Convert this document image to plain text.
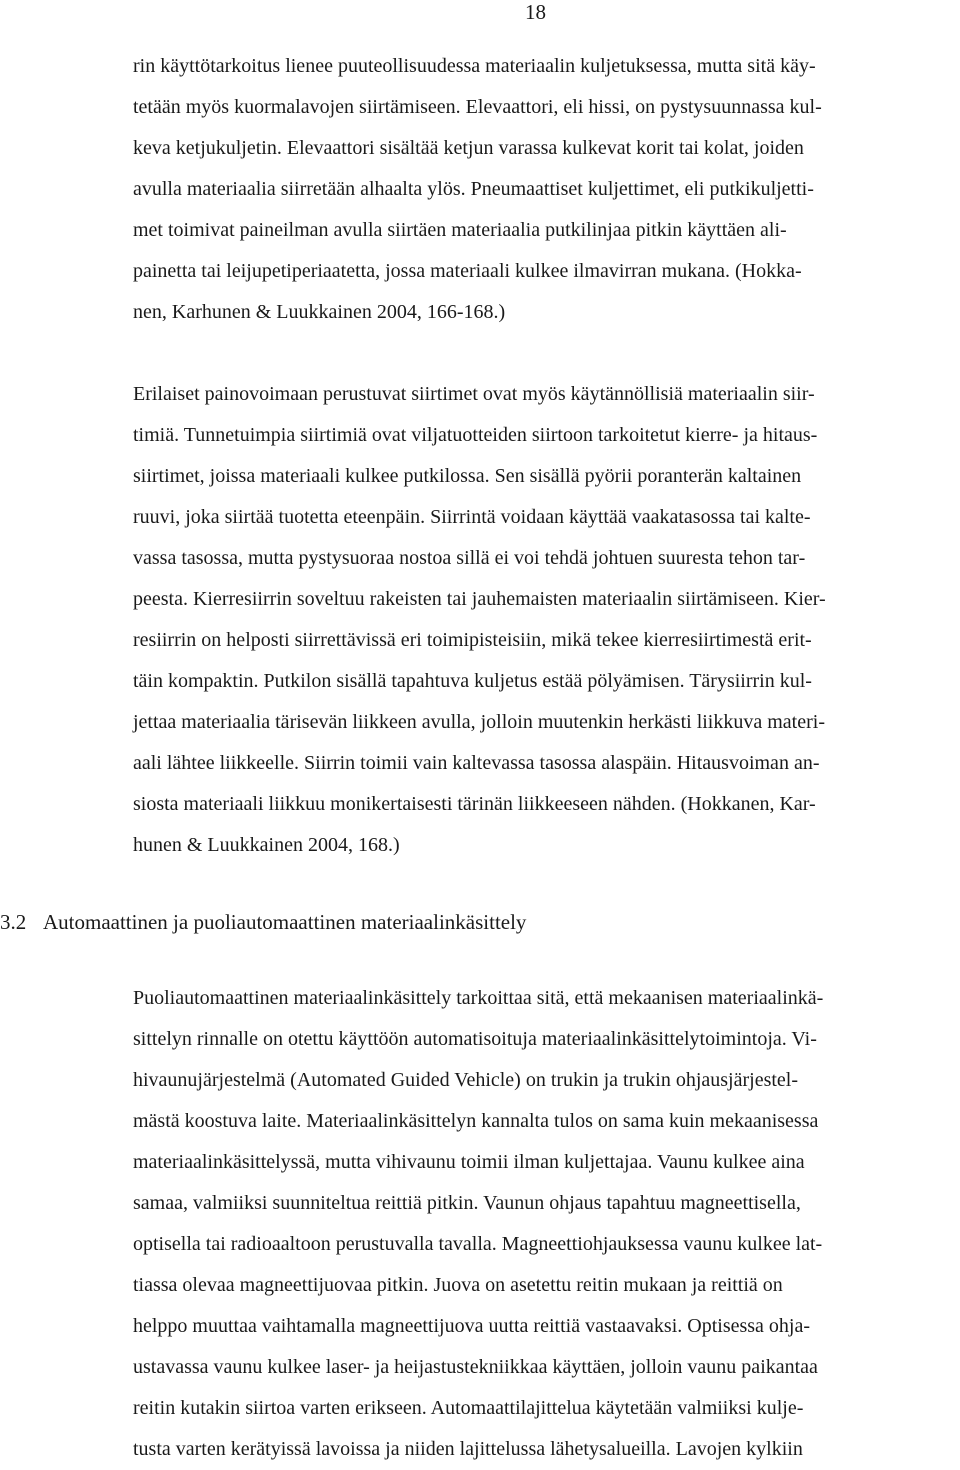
18
rin käyttötarkoitus lienee puuteollisuudessa materiaalin kuljetuksessa, mutta sitä käy-
tetään myös kuormalavojen siirtämiseen. Elevaattori, eli hissi, on pystysuunnassa kul-
keva ketjukuljetin. Elevaattori sisältää ketjun varassa kulkevat korit tai kolat, joiden
avulla materiaalia siirretään alhaalta ylös. Pneumaattiset kuljettimet, eli putkikuljetti-
met toimivat paineilman avulla siirtäen materiaalia putkilinjaa pitkin käyttäen ali-
painetta tai leijupetiperiaatetta, jossa materiaali kulkee ilmavirran mukana. (Hokka-
nen, Karhunen & Luukkainen 2004, 166-168.)
Erilaiset painovoimaan perustuvat siirtimet ovat myös käytännöllisiä materiaalin siir-
timiä. Tunnetuimpia siirtimiä ovat viljatuotteiden siirtoon tarkoitetut kierre- ja hitaus-
siirtimet, joissa materiaali kulkee putkilossa. Sen sisällä pyörii poranterän kaltainen
ruuvi, joka siirtää tuotetta eteenpäin. Siirrintä voidaan käyttää vaakatasossa tai kalte-
vassa tasossa, mutta pystysuoraa nostoa sillä ei voi tehdä johtuen suuresta tehon tar-
peesta. Kierresiirrin soveltuu rakeisten tai jauhemaisten materiaalin siirtämiseen. Kier-
resiirrin on helposti siirrettävissä eri toimipisteisiin, mikä tekee kierresiirtimestä erit-
täin kompaktin. Putkilon sisällä tapahtuva kuljetus estää pölyämisen. Tärysiirrin kul-
jettaa materiaalia tärisevän liikkeen avulla, jolloin muutenkin herkästi liikkuva materi-
aali lähtee liikkeelle. Siirrin toimii vain kaltevassa tasossa alaspäin. Hitausvoiman an-
siosta materiaali liikkuu monikertaisesti tärinän liikkeeseen nähden. (Hokkanen, Kar-
hunen & Luukkainen 2004, 168.)
3.2 Automaattinen ja puoliautomaattinen materiaalinkäsittely
Puoliautomaattinen materiaalinkäsittely tarkoittaa sitä, että mekaanisen materiaalinkä-
sittelyn rinnalle on otettu käyttöön automatisoituja materiaalinkäsittelytoimintoja. Vi-
hivaunujärjestelmä (Automated Guided Vehicle) on trukin ja trukin ohjausjärjestel-
mästä koostuva laite. Materiaalinkäsittelyn kannalta tulos on sama kuin mekaanisessa
materiaalinkäsittelyssä, mutta vihivaunu toimii ilman kuljettajaa. Vaunu kulkee aina
samaa, valmiiksi suunniteltua reittiä pitkin. Vaunun ohjaus tapahtuu magneettisella,
optisella tai radioaaltoon perustuvalla tavalla. Magneettiohjauksessa vaunu kulkee lat-
tiassa olevaa magneettijuovaa pitkin. Juova on asetettu reitin mukaan ja reittiä on
helppo muuttaa vaihtamalla magneettijuova uutta reittiä vastaavaksi. Optisessa ohja-
ustavassa vaunu kulkee laser- ja heijastustekniikkaa käyttäen, jolloin vaunu paikantaa
reitin kutakin siirtoa varten erikseen. Automaattilajittelua käytetään valmiiksi kulje-
tusta varten kerätyissä lavoissa ja niiden lajittelussa lähetysalueilla. Lavojen kylkiin
